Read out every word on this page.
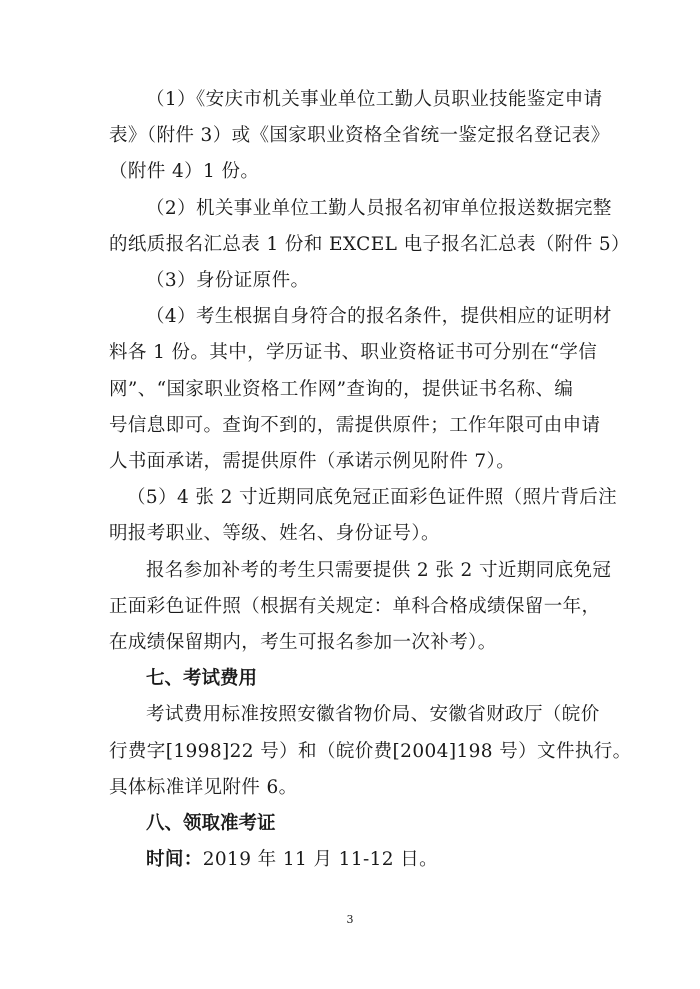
（1）《安庆市机关事业单位工勤人员职业技能鉴定申请
表》（附件 3）或《国家职业资格全省统一鉴定报名登记表》
（附件 4）1 份。

（2）机关事业单位工勤人员报名初审单位报送数据完整
的纸质报名汇总表 1 份和 EXCEL 电子报名汇总表（附件 5）

（3）身份证原件。

（4）考生根据自身符合的报名条件，提供相应的证明材
料各 1 份。其中，学历证书、职业资格证书可分别在“学信
网”、“国家职业资格工作网”查询的，提供证书名称、编
号信息即可。查询不到的，需提供原件；工作年限可由申请
人书面承诺，需提供原件（承诺示例见附件 7）。

（5）4 张 2 寸近期同底免冠正面彩色证件照（照片背后注
明报考职业、等级、姓名、身份证号）。

报名参加补考的考生只需要提供 2 张 2 寸近期同底免冠
正面彩色证件照（根据有关规定：单科合格成绩保留一年，
在成绩保留期内，考生可报名参加一次补考）。

七、考试费用

考试费用标准按照安徽省物价局、安徽省财政厅（皖价
行费字[1998]22 号）和（皖价费[2004]198 号）文件执行。
具体标准详见附件 6。

八、领取准考证

时间：2019 年 11 月 11-12 日。

3
